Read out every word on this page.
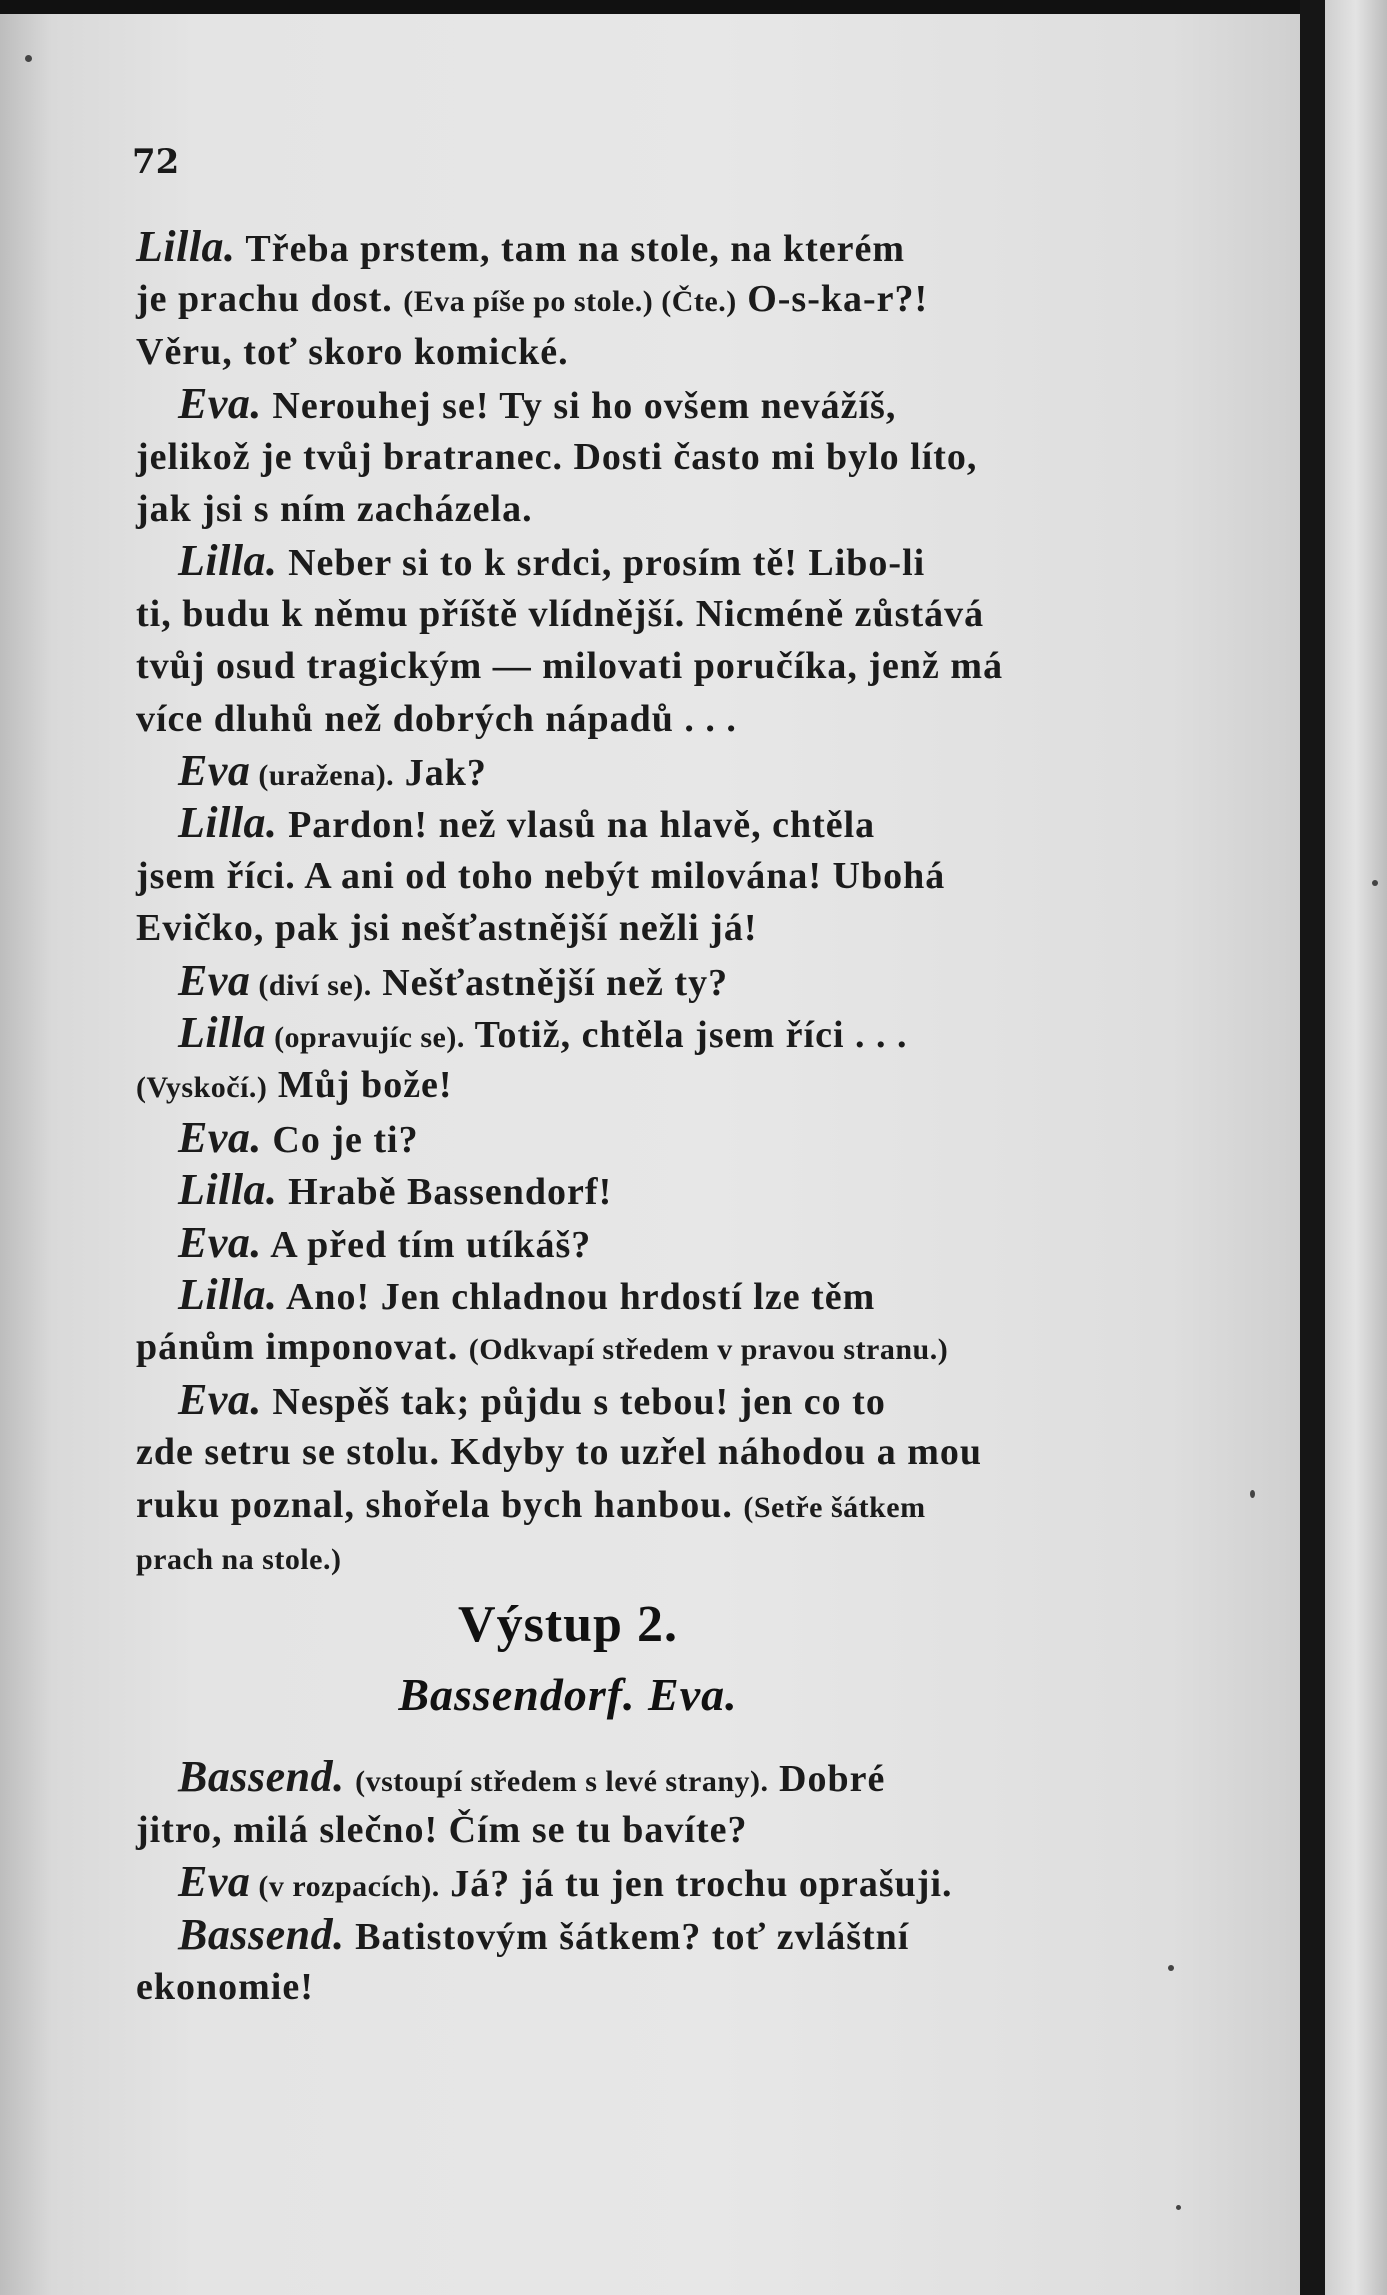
72

Lilla. Třeba prstem, tam na stole, na kterém

je prachu dost. (Eva píše po stole.) (Čte.) O-s-ka-r?!

Věru, toť skoro komické.

Eva. Nerouhej se! Ty si ho ovšem nevážíš,

jelikož je tvůj bratranec. Dosti často mi bylo líto,

jak jsi s ním zacházela.

Lilla. Neber si to k srdci, prosím tě! Libo-li

ti, budu k němu příště vlídnější. Nicméně zůstává

tvůj osud tragickým — milovati poručíka, jenž má

více dluhů než dobrých nápadů . . .

Eva (uražena). Jak?

Lilla. Pardon! než vlasů na hlavě, chtěla

jsem říci. A ani od toho nebýt milována! Ubohá

Evičko, pak jsi nešťastnější nežli já!

Eva (diví se). Nešťastnější než ty?

Lilla (opravujíc se). Totiž, chtěla jsem říci . . .

(Vyskočí.) Můj bože!

Eva. Co je ti?

Lilla. Hrabě Bassendorf!

Eva. A před tím utíkáš?

Lilla. Ano! Jen chladnou hrdostí lze těm

pánům imponovat. (Odkvapí středem v pravou stranu.)

Eva. Nespěš tak; půjdu s tebou! jen co to

zde setru se stolu. Kdyby to uzřel náhodou a mou

ruku poznal, shořela bych hanbou. (Setře šátkem

prach na stole.)

Výstup 2.
Bassendorf. Eva.

Bassend. (vstoupí středem s levé strany). Dobré

jitro, milá slečno! Čím se tu bavíte?

Eva (v rozpacích). Já? já tu jen trochu oprašuji.

Bassend. Batistovým šátkem? toť zvláštní

ekonomie!
